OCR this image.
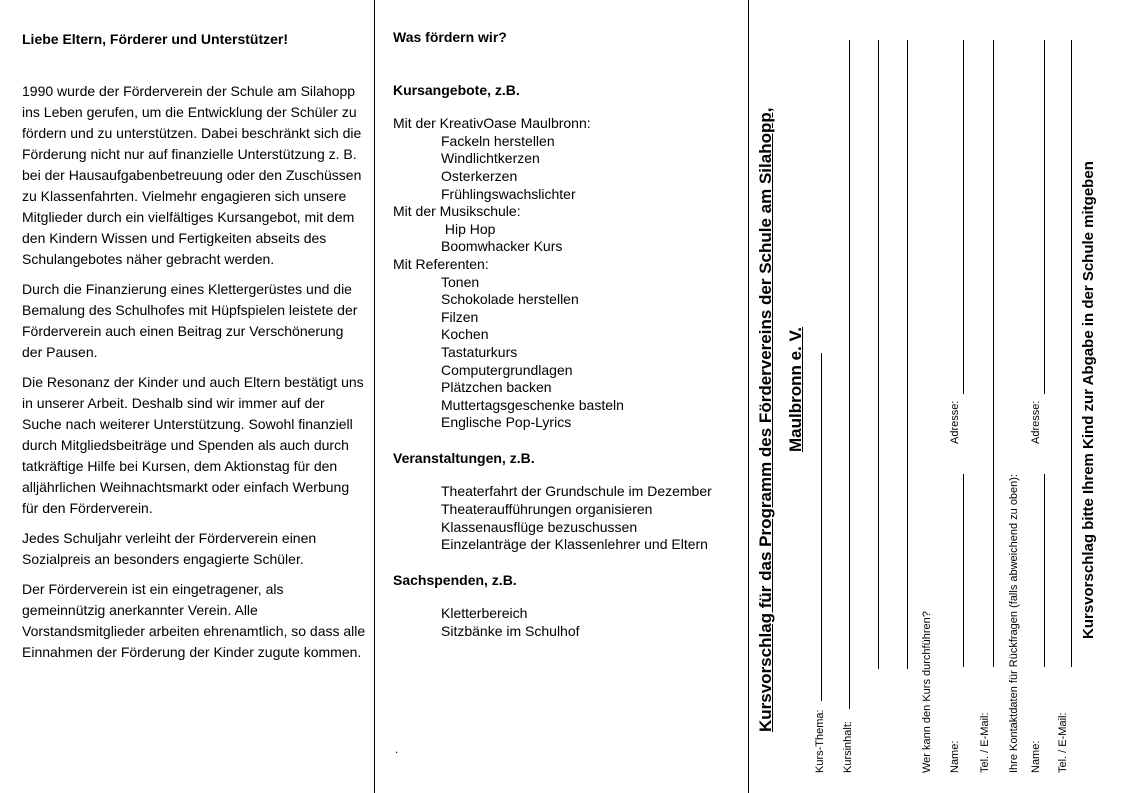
Liebe Eltern, Förderer und Unterstützer!

1990 wurde der Förderverein der Schule am Silahopp ins Leben gerufen, um die Entwicklung der Schüler zu fördern und zu unterstützen. Dabei beschränkt sich die Förderung nicht nur auf finanzielle Unterstützung z. B. bei der Hausaufgabenbetreuung oder den Zuschüssen zu Klassenfahrten. Vielmehr engagieren sich unsere Mitglieder durch ein vielfältiges Kursangebot, mit dem den Kindern Wissen und Fertigkeiten abseits des Schulangebotes näher gebracht werden.

Durch die Finanzierung eines Klettergerüstes und die Bemalung des Schulhofes mit Hüpfspielen leistete der Förderverein auch einen Beitrag zur Verschönerung der Pausen.

Die Resonanz der Kinder und auch Eltern bestätigt uns in unserer Arbeit. Deshalb sind wir immer auf der Suche nach weiterer Unterstützung. Sowohl finanziell durch Mitgliedsbeiträge und Spenden als auch durch tatkräftige Hilfe bei Kursen, dem Aktionstag für den alljährlichen Weihnachtsmarkt oder einfach Werbung für den Förderverein.

Jedes Schuljahr verleiht der Förderverein einen Sozialpreis an besonders engagierte Schüler.

Der Förderverein ist ein eingetragener, als gemeinnützig anerkannter Verein. Alle Vorstandsmitglieder arbeiten ehrenamtlich, so dass alle Einnahmen der Förderung der Kinder zugute kommen.

Was fördern wir?
Kursangebote, z.B.
Mit der KreativOase Maulbronn:
Fackeln herstellen
Windlichtkerzen
Osterkerzen
Frühlingswachslichter
Mit der Musikschule:
Hip Hop
Boomwhacker Kurs
Mit Referenten:
Tonen
Schokolade herstellen
Filzen
Kochen
Tastaturkurs
Computergrundlagen
Plätzchen backen
Muttertagsgeschenke basteln
Englische Pop-Lyrics
Veranstaltungen, z.B.
Theaterfahrt der Grundschule im Dezember
Theateraufführungen organisieren
Klassenausflüge bezuschussen
Einzelanträge der Klassenlehrer und Eltern
Sachspenden, z.B.
Kletterbereich
Sitzbänke im Schulhof
.
Kursvorschlag für das Programm des Fördervereins der Schule am Silahopp, Maulbronn e. V.
Kurs-Thema: Kursinhalt:	Wer kann den Kurs durchführen? Name:
Adresse:
Tel. / E-Mail: Ihre Kontaktdaten für Rückfragen (falls abweichend zu oben): Name:
Adresse:
Tel. / E-Mail:
Kursvorschlag bitte Ihrem Kind zur Abgabe in der Schule mitgeben
